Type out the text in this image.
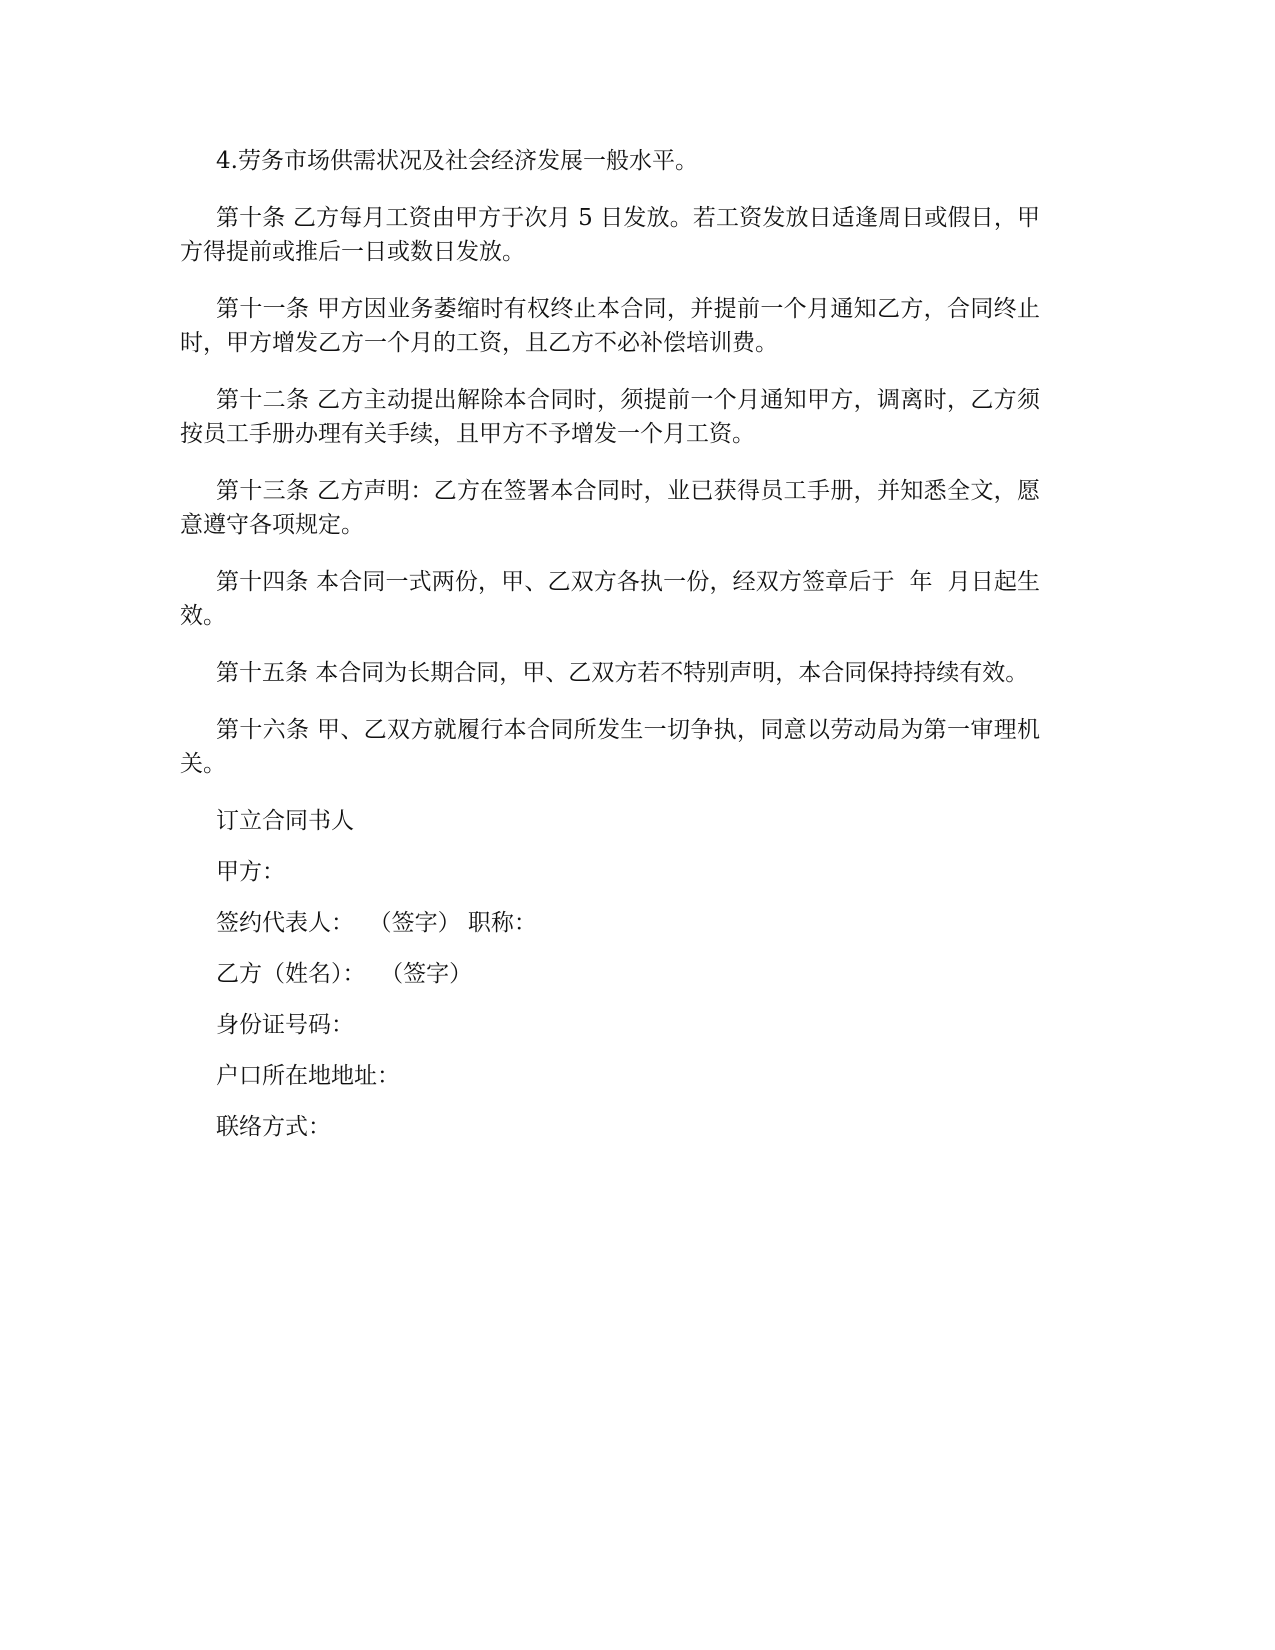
4.劳务市场供需状况及社会经济发展一般水平。

第十条 乙方每月工资由甲方于次月 5 日发放。若工资发放日适逢周日或假日，甲方得提前或推后一日或数日发放。

第十一条 甲方因业务萎缩时有权终止本合同，并提前一个月通知乙方，合同终止时，甲方增发乙方一个月的工资，且乙方不必补偿培训费。

第十二条 乙方主动提出解除本合同时，须提前一个月通知甲方，调离时，乙方须按员工手册办理有关手续，且甲方不予增发一个月工资。

第十三条 乙方声明：乙方在签署本合同时，业已获得员工手册，并知悉全文，愿意遵守各项规定。

第十四条 本合同一式两份，甲、乙双方各执一份，经双方签章后于  年  月日起生效。

第十五条 本合同为长期合同，甲、乙双方若不特别声明，本合同保持持续有效。

第十六条 甲、乙双方就履行本合同所发生一切争执，同意以劳动局为第一审理机关。

订立合同书人

甲方：

签约代表人：  （签字） 职称：

乙方（姓名）：  （签字）

身份证号码：

户口所在地地址：

联络方式：
